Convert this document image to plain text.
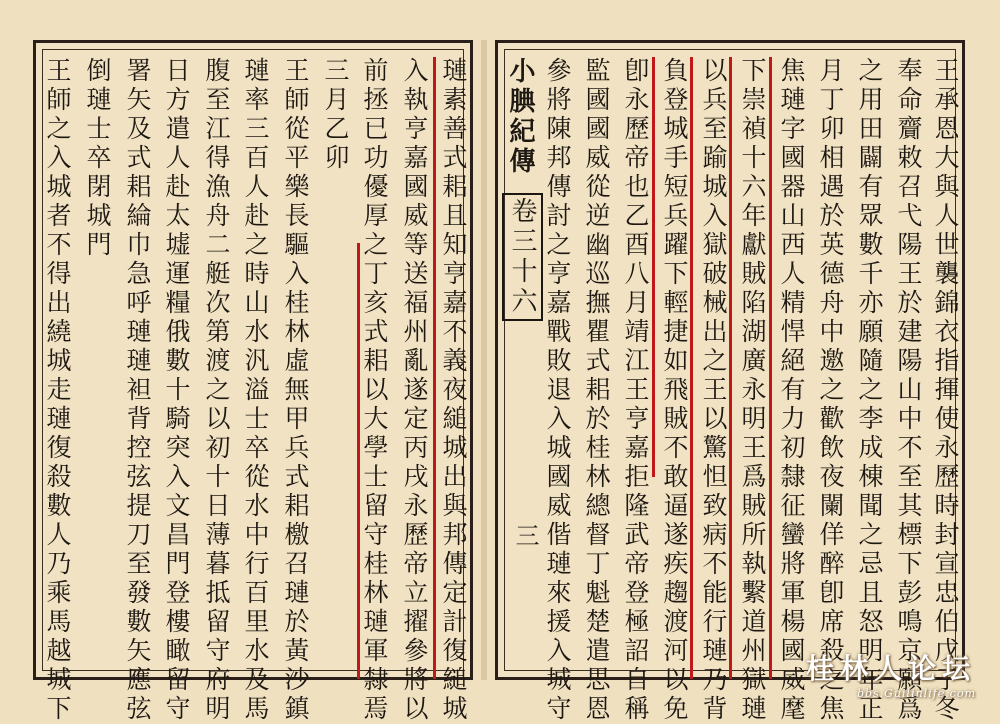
王師之入城者不得出繞城走璉復殺數人乃乘馬越城下 倒璉士卒閉城門 署矢及式耜綸巾急呼璉璉袒背控弦提刀至發數矢應弦 日方遣人赴太墟運糧俄數十騎突入文昌門登樓瞰留守 腹至江得漁舟二艇次第渡之以初十日薄暮抵留守府明 璉率三百人赴之時山水汎溢士卒從水中行百里水及馬 王師從平樂長驅入桂林虛無甲兵式耜檄召璉於黃沙鎮 三月乙卯 前拯已功優厚之丁亥式耜以大學士留守桂林璉軍隸焉 入執亨嘉國威等送福州亂遂定丙戌永歷帝立擢參將以 璉素善式耜且知亨嘉不義夜縋城出與邦傳定計復縋城 小腆紀傳
卷三十六
三 參將陳邦傳討之亨嘉戰敗退入城國威偕璉來援入城守 監國國威從逆幽巡撫瞿式耜於桂林總督丁魁楚遣思恩 卽永歷帝也乙酉八月靖江王亨嘉拒隆武帝登極詔自稱 負登城手短兵躍下輕捷如飛賊不敢逼遂疾趨渡河以免 以兵至踰城入獄破械出之王以驚怛致病不能行璉乃背 下崇禎十六年獻賊陷湖廣永明王爲賊所執繫道州獄璉 焦璉字國器山西人精悍絕有力初隸征蠻將軍楊國威麾 月丁卯相遇於英德舟中邀之歡飲夜闌佯醉卽席殺之焦 之用田闢有眾數千亦願隨之李成棟聞之忌且怒明年正 奉命齎敕召弋陽王於建陽山中不至其標下彭鳴京願爲 王承恩大與人世襲錦衣指揮使永歷時封宣忠伯戊子冬
桂林人论坛
bbs.Guilinlife.com
